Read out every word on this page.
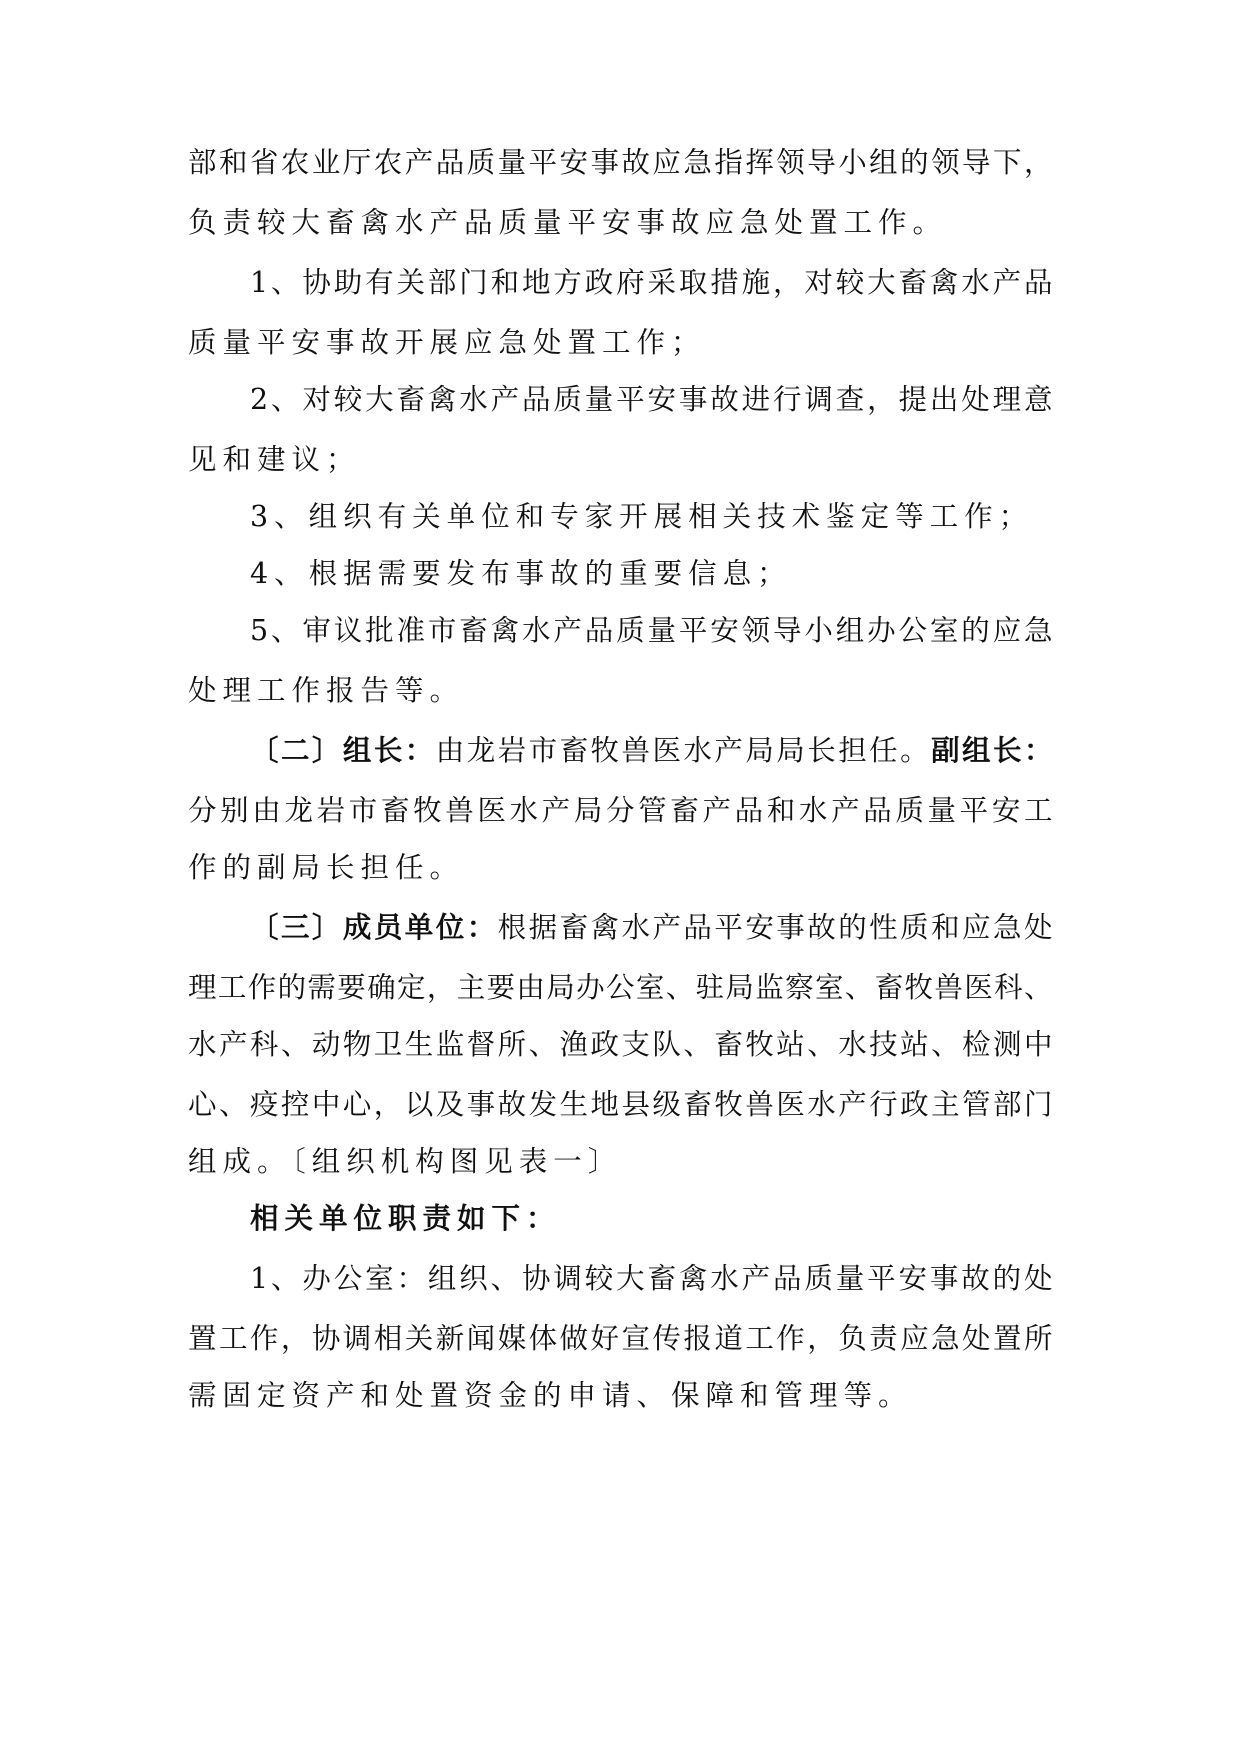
部和省农业厅农产品质量平安事故应急指挥领导小组的领导下，
负责较大畜禽水产品质量平安事故应急处置工作。
1、协助有关部门和地方政府采取措施，对较大畜禽水产品
质量平安事故开展应急处置工作；
2、对较大畜禽水产品质量平安事故进行调查，提出处理意
见和建议；
3、组织有关单位和专家开展相关技术鉴定等工作；
4、根据需要发布事故的重要信息；
5、审议批准市畜禽水产品质量平安领导小组办公室的应急
处理工作报告等。
〔二〕组长：由龙岩市畜牧兽医水产局局长担任。副组长：
分别由龙岩市畜牧兽医水产局分管畜产品和水产品质量平安工
作的副局长担任。
〔三〕成员单位：根据畜禽水产品平安事故的性质和应急处
理工作的需要确定，主要由局办公室、驻局监察室、畜牧兽医科、
水产科、动物卫生监督所、渔政支队、畜牧站、水技站、检测中
心、疫控中心，以及事故发生地县级畜牧兽医水产行政主管部门
组成。〔组织机构图见表一〕
相关单位职责如下：
1、办公室：组织、协调较大畜禽水产品质量平安事故的处
置工作，协调相关新闻媒体做好宣传报道工作，负责应急处置所
需固定资产和处置资金的申请、保障和管理等。
